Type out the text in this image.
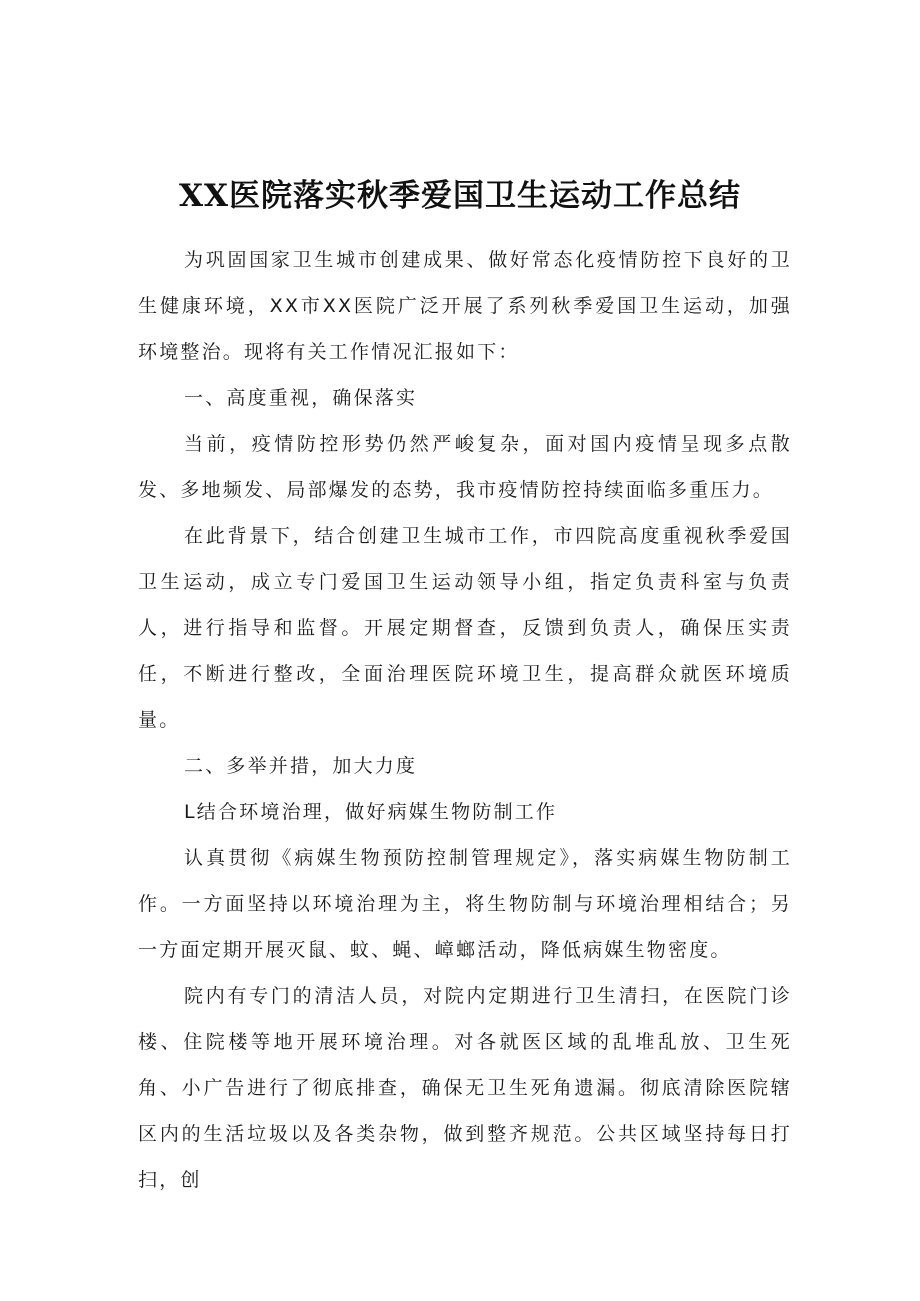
XX医院落实秋季爱国卫生运动工作总结

为巩固国家卫生城市创建成果、做好常态化疫情防控下良好的卫生健康环境，XX市XX医院广泛开展了系列秋季爱国卫生运动，加强环境整治。现将有关工作情况汇报如下：

一、高度重视，确保落实

当前，疫情防控形势仍然严峻复杂，面对国内疫情呈现多点散发、多地频发、局部爆发的态势，我市疫情防控持续面临多重压力。

在此背景下，结合创建卫生城市工作，市四院高度重视秋季爱国卫生运动，成立专门爱国卫生运动领导小组，指定负责科室与负责人，进行指导和监督。开展定期督查，反馈到负责人，确保压实责任，不断进行整改，全面治理医院环境卫生，提高群众就医环境质量。

二、多举并措，加大力度

L结合环境治理，做好病媒生物防制工作

认真贯彻《病媒生物预防控制管理规定》，落实病媒生物防制工作。一方面坚持以环境治理为主，将生物防制与环境治理相结合；另一方面定期开展灭鼠、蚊、蝇、嶂螂活动，降低病媒生物密度。

院内有专门的清洁人员，对院内定期进行卫生清扫，在医院门诊楼、住院楼等地开展环境治理。对各就医区域的乱堆乱放、卫生死角、小广告进行了彻底排查，确保无卫生死角遗漏。彻底清除医院辖区内的生活垃圾以及各类杂物，做到整齐规范。公共区域坚持每日打扫，创
